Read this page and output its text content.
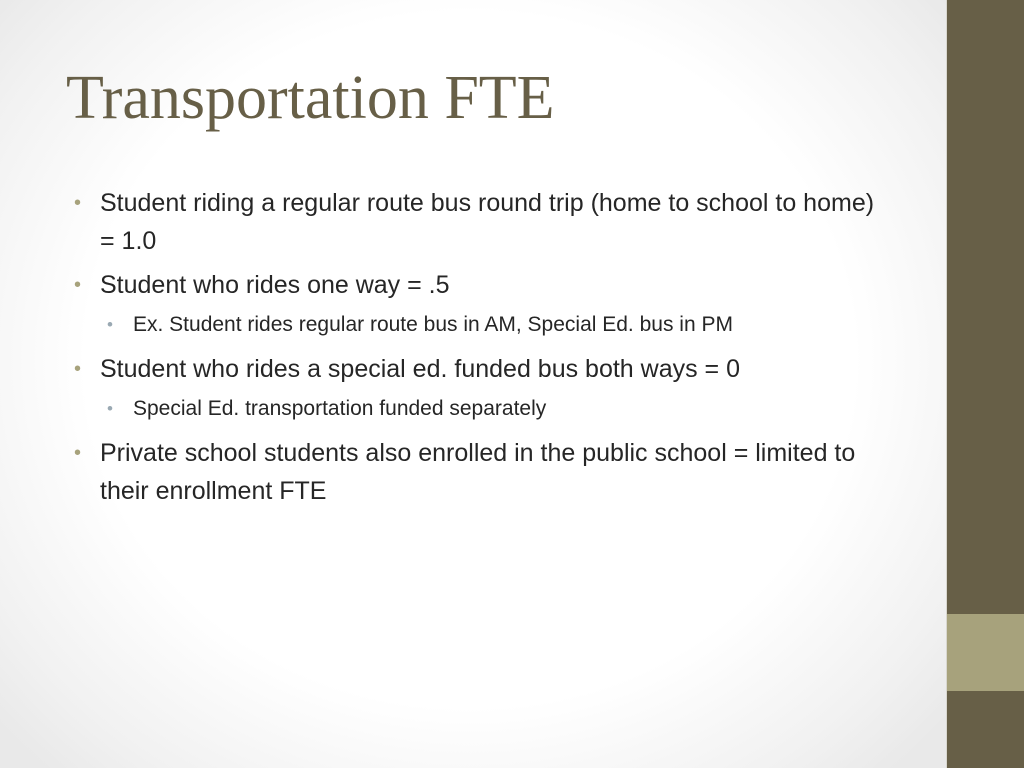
Transportation FTE
• Student riding a regular route bus round trip (home to school to home) = 1.0
• Student who rides one way = .5
• Ex. Student rides regular route bus in AM, Special Ed. bus in PM
• Student who rides a special ed. funded bus both ways = 0
• Special Ed. transportation funded separately
• Private school students also enrolled in the public school = limited to their enrollment FTE
